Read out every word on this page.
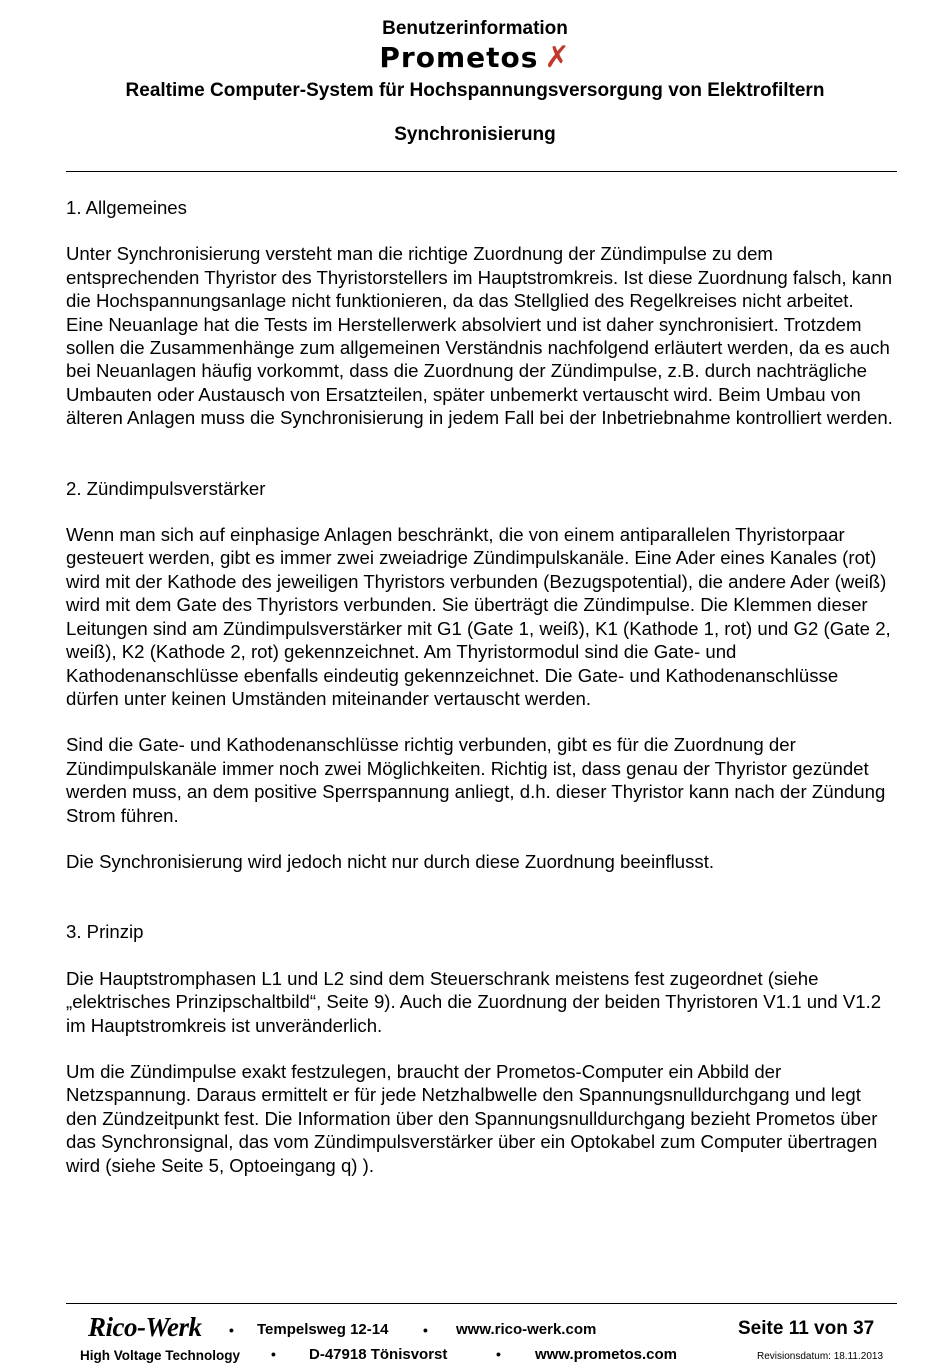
Benutzerinformation
Prometos ✗
Realtime Computer-System für Hochspannungsversorgung von Elektrofiltern
Synchronisierung

1. Allgemeines

Unter Synchronisierung versteht man die richtige Zuordnung der Zündimpulse zu dem entsprechenden Thyristor des Thyristorstellers im Hauptstromkreis. Ist diese Zuordnung falsch, kann die Hochspannungsanlage nicht funktionieren, da das Stellglied des Regelkreises nicht arbeitet. Eine Neuanlage hat die Tests im Herstellerwerk absolviert und ist daher synchronisiert. Trotzdem sollen die Zusammenhänge zum allgemeinen Verständnis nachfolgend erläutert werden, da es auch bei Neuanlagen häufig vorkommt, dass die Zuordnung der Zündimpulse, z.B. durch nachträgliche Umbauten oder Austausch von Ersatzteilen, später unbemerkt vertauscht wird. Beim Umbau von älteren Anlagen muss die Synchronisierung in jedem Fall bei der Inbetriebnahme kontrolliert werden.

2. Zündimpulsverstärker

Wenn man sich auf einphasige Anlagen beschränkt, die von einem antiparallelen Thyristorpaar gesteuert werden, gibt es immer zwei zweiadrige Zündimpulskanäle. Eine Ader eines Kanales (rot) wird mit der Kathode des jeweiligen Thyristors verbunden (Bezugspotential), die andere Ader (weiß) wird mit dem Gate des Thyristors verbunden. Sie überträgt die Zündimpulse. Die Klemmen dieser Leitungen sind am Zündimpulsverstärker mit G1 (Gate 1, weiß), K1 (Kathode 1, rot) und G2 (Gate 2, weiß), K2 (Kathode 2, rot) gekennzeichnet. Am Thyristormodul sind die Gate- und Kathodenanschlüsse ebenfalls eindeutig gekennzeichnet. Die Gate- und Kathodenanschlüsse dürfen unter keinen Umständen miteinander vertauscht werden.

Sind die Gate- und Kathodenanschlüsse richtig verbunden, gibt es für die Zuordnung der Zündimpulskanäle immer noch zwei Möglichkeiten. Richtig ist, dass genau der Thyristor gezündet werden muss, an dem positive Sperrspannung anliegt, d.h. dieser Thyristor kann nach der Zündung Strom führen.

Die Synchronisierung wird jedoch nicht nur durch diese Zuordnung beeinflusst.

3. Prinzip

Die Hauptstromphasen L1 und L2 sind dem Steuerschrank meistens fest zugeordnet (siehe „elektrisches Prinzipschaltbild“, Seite 9). Auch die Zuordnung der beiden Thyristoren V1.1 und V1.2 im Hauptstromkreis ist unveränderlich.

Um die Zündimpulse exakt festzulegen, braucht der Prometos-Computer ein Abbild der Netzspannung. Daraus ermittelt er für jede Netzhalbwelle den Spannungsnulldurchgang und legt den Zündzeitpunkt fest. Die Information über den Spannungsnulldurchgang bezieht Prometos über das Synchronsignal, das vom Zündimpulsverstärker über ein Optokabel zum Computer übertragen wird (siehe Seite 5, Optoeingang q) ).

Rico-Werk • Tempelsweg 12-14 • www.rico-werk.com	Seite 11 von 37
High Voltage Technology • D-47918 Tönisvorst	• www.prometos.com	Revisionsdatum: 18.11.2013
